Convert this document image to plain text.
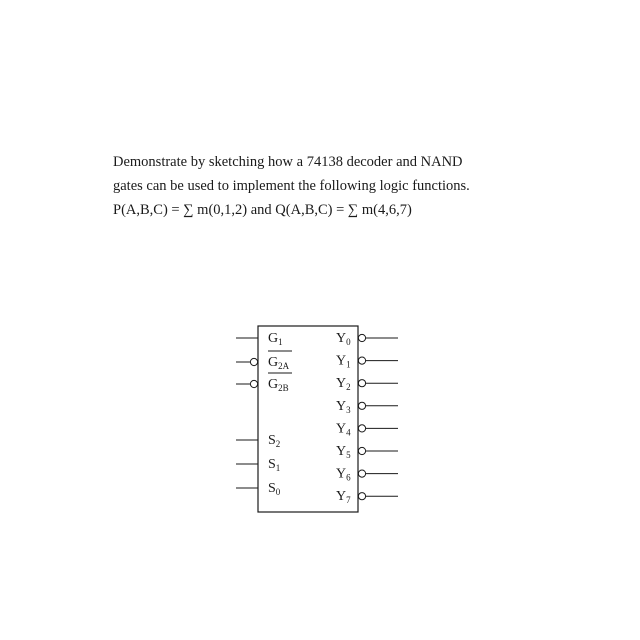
Demonstrate by sketching how a 74138 decoder and NAND

gates can be used to implement the following logic functions.

P(A,B,C) = ∑ m(0,1,2) and Q(A,B,C) = ∑ m(4,6,7)

$G_1$
$G_{2A}$
$G_{2B}$
$S_2$
$S_1$
$S_0$
$Y_0$
$Y_1$
$Y_2$
$Y_3$
$Y_4$
$Y_5$
$Y_6$
$Y_7$
